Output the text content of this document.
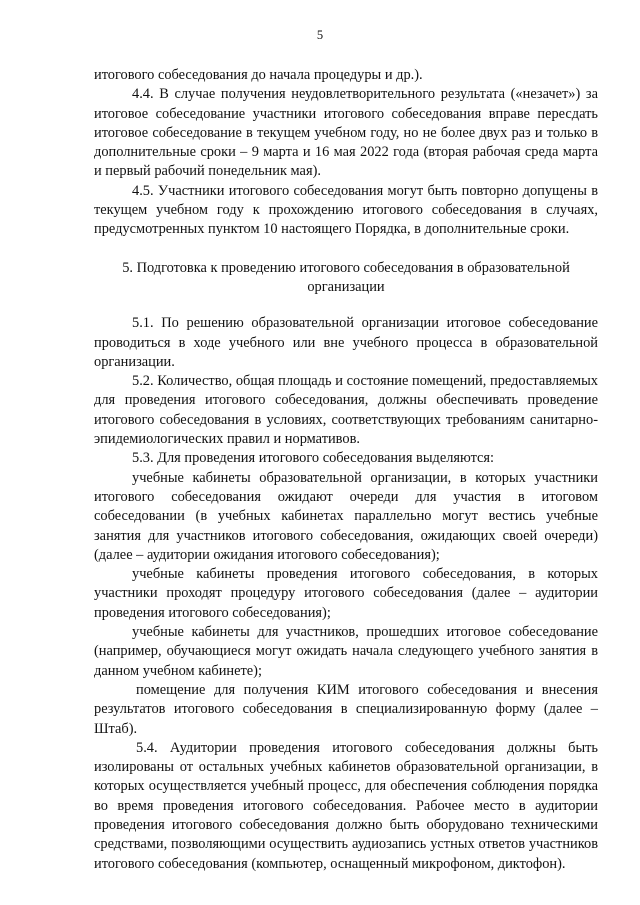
5

итогового собеседования до начала процедуры и др.).

4.4. В случае получения неудовлетворительного результата («незачет») за итоговое собеседование участники итогового собеседования вправе пересдать итоговое собеседование в текущем учебном году, но не более двух раз и только в дополнительные сроки – 9 марта и 16 мая 2022 года (вторая рабочая среда марта и первый рабочий понедельник мая).

4.5. Участники итогового собеседования могут быть повторно допущены в текущем учебном году к прохождению итогового собеседования в случаях, предусмотренных пунктом 10 настоящего Порядка, в дополнительные сроки.

5. Подготовка к проведению итогового собеседования в образовательной организации

5.1. По решению образовательной организации итоговое собеседование проводиться в ходе учебного или вне учебного процесса в образовательной организации.

5.2. Количество, общая площадь и состояние помещений, предоставляемых для проведения итогового собеседования, должны обеспечивать проведение итогового собеседования в условиях, соответствующих требованиям санитарно-эпидемиологических правил и нормативов.

5.3. Для проведения итогового собеседования выделяются:

учебные кабинеты образовательной организации, в которых участники итогового собеседования ожидают очереди для участия в итоговом собеседовании (в учебных кабинетах параллельно могут вестись учебные занятия для участников итогового собеседования, ожидающих своей очереди) (далее – аудитории ожидания итогового собеседования);

учебные кабинеты проведения итогового собеседования, в которых участники проходят процедуру итогового собеседования (далее – аудитории проведения итогового собеседования);

учебные кабинеты для участников, прошедших итоговое собеседование (например, обучающиеся могут ожидать начала следующего учебного занятия в данном учебном кабинете);

помещение для получения КИМ итогового собеседования и внесения результатов итогового собеседования в специализированную форму (далее – Штаб).

5.4. Аудитории проведения итогового собеседования должны быть изолированы от остальных учебных кабинетов образовательной организации, в которых осуществляется учебный процесс, для обеспечения соблюдения порядка во время проведения итогового собеседования. Рабочее место в аудитории проведения итогового собеседования должно быть оборудовано техническими средствами, позволяющими осуществить аудиозапись устных ответов участников итогового собеседования (компьютер, оснащенный микрофоном, диктофон).
